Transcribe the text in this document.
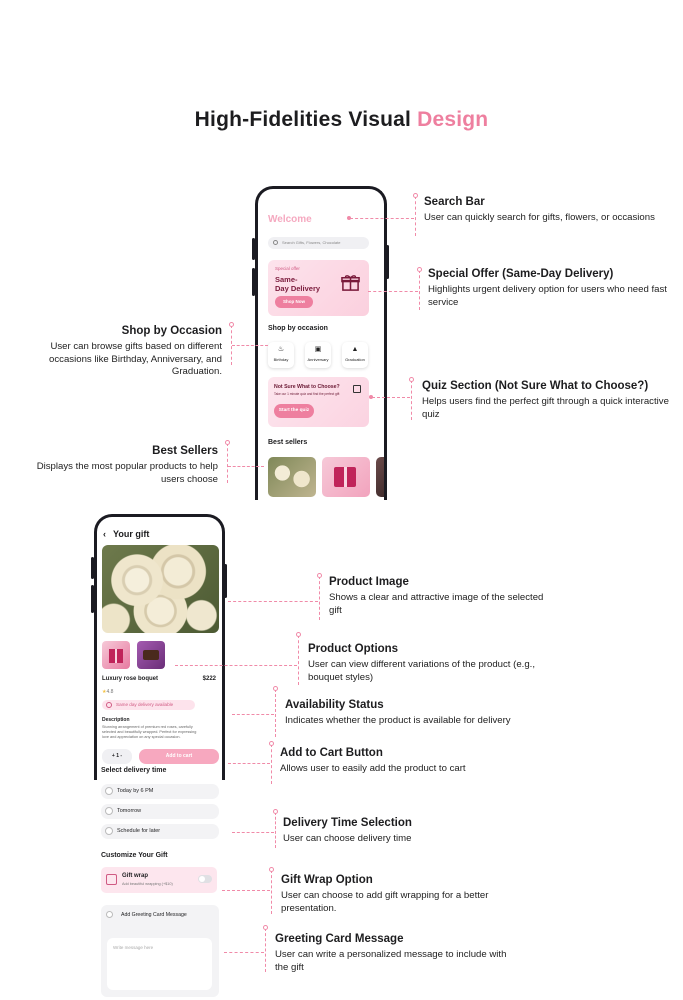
High-Fidelities Visual Design
Welcome
Search Gifts, Flowers, Chocolate
Special offer
Same-
Day Delivery
Shop Now
Shop by occasion
♨
Birthday
▣
Anniversary
▲
Graduation
Not Sure What to Choose?
Take our 1 minute quiz and find the perfect gift
Start the quiz
Best sellers
Search Bar
User can quickly search for gifts, flowers, or occasions
Special Offer (Same-Day Delivery)
Highlights urgent delivery option for users who need fast service
Shop by Occasion
User can browse gifts based on different occasions like Birthday, Anniversary, and Graduation.
Quiz Section (Not Sure What to Choose?)
Helps users find the perfect gift through a quick interactive quiz
Best Sellers
Displays the most popular products to help users choose
‹ Your gift
Luxury rose boquet	$222
★4.8
Same day delivery available
Description
Stunning arrangement of premium red roses, carefully selected and beautifully wrapped. Perfect for expressing love and appreciation on any special occasion.
+ 1 -	Add to cart
Select delivery time
Today by 6 PM
Tomorrow
Schedule for later
Customize Your Gift
Gift wrap
Add beautiful wrapping (+$10)
Add Greeting Card Message
Write message here
Product Image
Shows a clear and attractive image of the selected gift
Product Options
User can view different variations of the product (e.g., bouquet styles)
Availability Status
Indicates whether the product is available for delivery
Add to Cart Button
Allows user to easily add the product to cart
Delivery Time Selection
User can choose delivery time
Gift Wrap Option
User can choose to add gift wrapping for a better presentation.
Greeting Card Message
User can write a personalized message to include with the gift
